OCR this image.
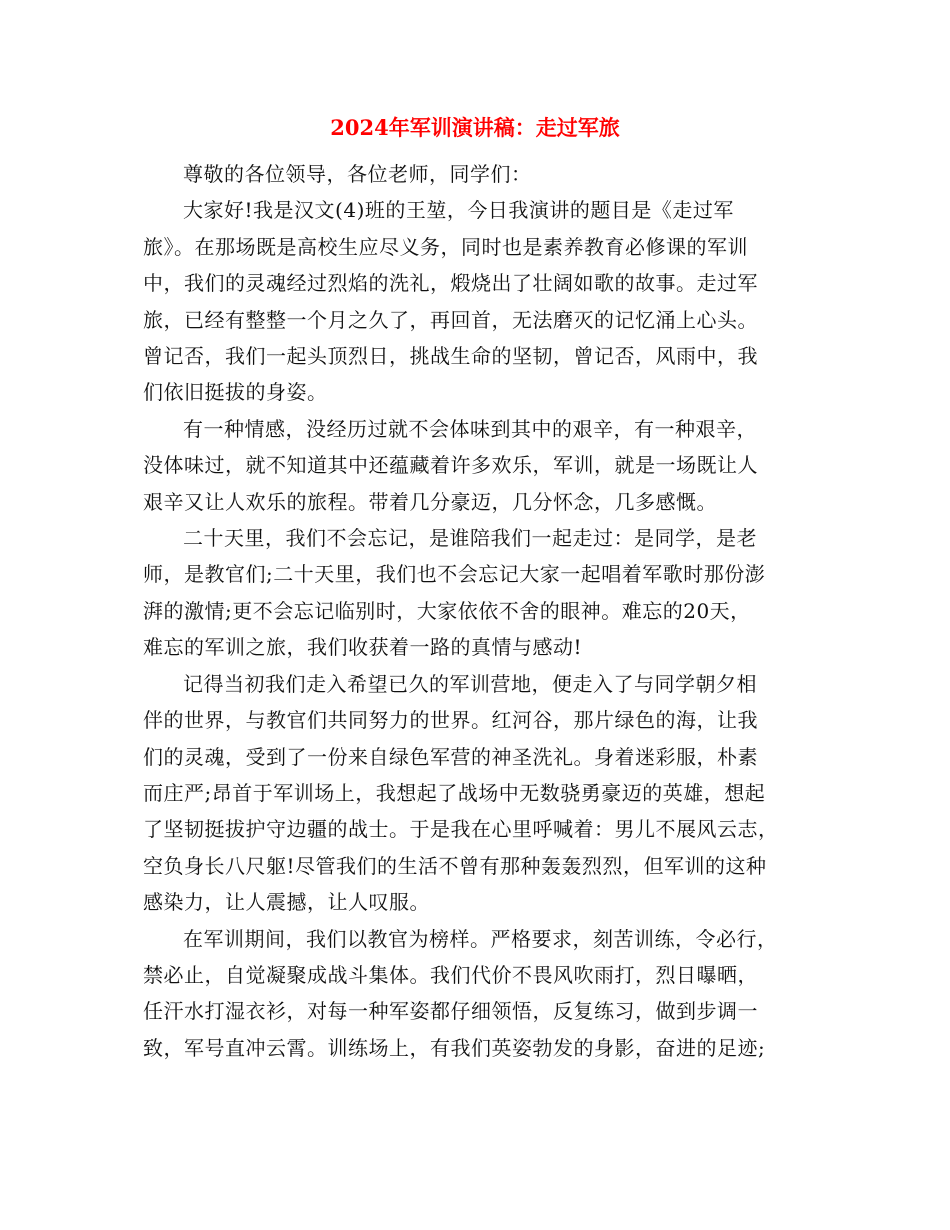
2024年军训演讲稿：走过军旅

尊敬的各位领导，各位老师，同学们：

大家好!我是汉文(4)班的王堃，今日我演讲的题目是《走过军
旅》。在那场既是高校生应尽义务，同时也是素养教育必修课的军训
中，我们的灵魂经过烈焰的洗礼，煅烧出了壮阔如歌的故事。走过军
旅，已经有整整一个月之久了，再回首，无法磨灭的记忆涌上心头。
曾记否，我们一起头顶烈日，挑战生命的坚韧，曾记否，风雨中，我
们依旧挺拔的身姿。

有一种情感，没经历过就不会体味到其中的艰辛，有一种艰辛，
没体味过，就不知道其中还蕴藏着许多欢乐，军训，就是一场既让人
艰辛又让人欢乐的旅程。带着几分豪迈，几分怀念，几多感慨。

二十天里，我们不会忘记，是谁陪我们一起走过：是同学，是老
师，是教官们;二十天里，我们也不会忘记大家一起唱着军歌时那份澎
湃的激情;更不会忘记临别时，大家依依不舍的眼神。难忘的20天，
难忘的军训之旅，我们收获着一路的真情与感动!

记得当初我们走入希望已久的军训营地，便走入了与同学朝夕相
伴的世界，与教官们共同努力的世界。红河谷，那片绿色的海，让我
们的灵魂，受到了一份来自绿色军营的神圣洗礼。身着迷彩服，朴素
而庄严;昂首于军训场上，我想起了战场中无数骁勇豪迈的英雄，想起
了坚韧挺拔护守边疆的战士。于是我在心里呼喊着：男儿不展风云志，
空负身长八尺躯!尽管我们的生活不曾有那种轰轰烈烈，但军训的这种
感染力，让人震撼，让人叹服。

在军训期间，我们以教官为榜样。严格要求，刻苦训练，令必行，
禁必止，自觉凝聚成战斗集体。我们代价不畏风吹雨打，烈日曝晒，
任汗水打湿衣衫，对每一种军姿都仔细领悟，反复练习，做到步调一
致，军号直冲云霄。训练场上，有我们英姿勃发的身影，奋进的足迹;
